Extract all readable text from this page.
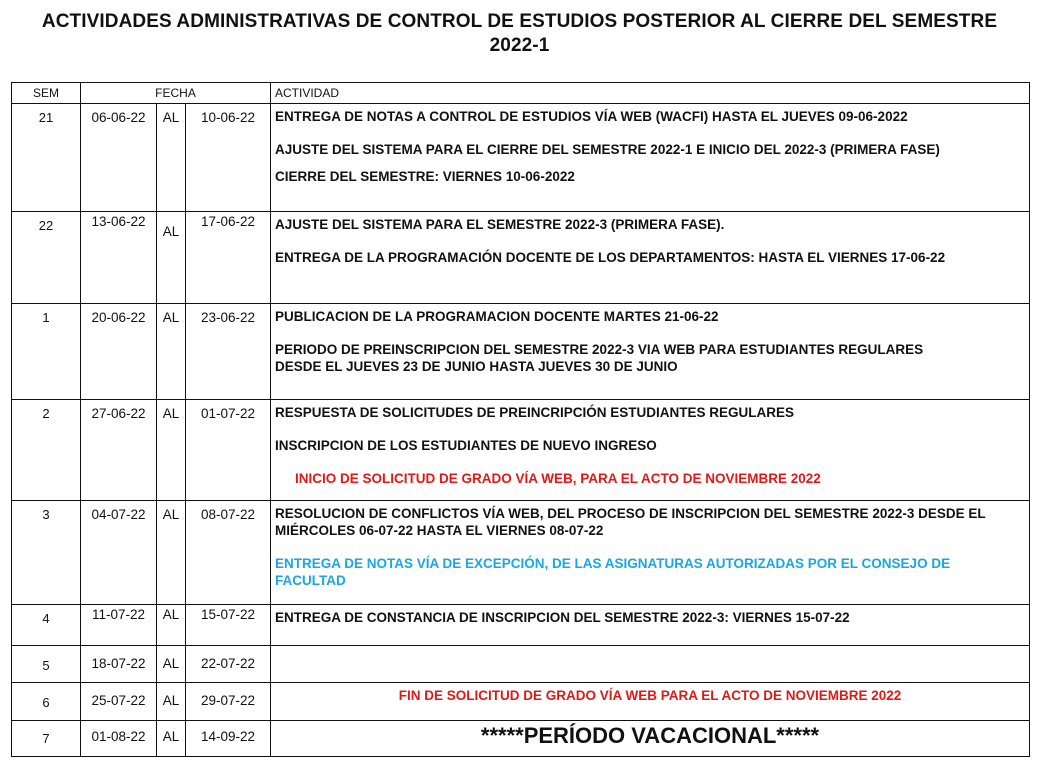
ACTIVIDADES ADMINISTRATIVAS DE CONTROL DE ESTUDIOS POSTERIOR AL CIERRE DEL SEMESTRE
2022-1
SEM	FECHA			ACTIVIDAD
21	06-06-22	AL	10-06-22	ENTREGA DE NOTAS A CONTROL DE ESTUDIOS VÍA WEB (WACFI) HASTA EL JUEVES 09-06-2022

AJUSTE DEL SISTEMA PARA EL CIERRE DEL SEMESTRE 2022-1 E INICIO DEL 2022-3 (PRIMERA FASE)

CIERRE DEL SEMESTRE: VIERNES 10-06-2022

22	13-06-22	AL	17-06-22	AJUSTE DEL SISTEMA PARA EL SEMESTRE 2022-3 (PRIMERA FASE).

ENTREGA DE LA PROGRAMACIÓN DOCENTE DE LOS DEPARTAMENTOS: HASTA EL VIERNES 17-06-22

1	20-06-22	AL	23-06-22	PUBLICACION DE LA PROGRAMACION DOCENTE MARTES 21-06-22

PERIODO DE PREINSCRIPCION DEL SEMESTRE 2022-3 VIA WEB PARA ESTUDIANTES REGULARES DESDE EL JUEVES 23 DE JUNIO HASTA JUEVES 30 DE JUNIO

2	27-06-22	AL	01-07-22	RESPUESTA DE SOLICITUDES DE PREINCRIPCIÓN ESTUDIANTES REGULARES

INSCRIPCION DE LOS ESTUDIANTES DE NUEVO INGRESO

INICIO DE SOLICITUD DE GRADO VÍA WEB, PARA EL ACTO DE NOVIEMBRE 2022

3	04-07-22	AL	08-07-22	RESOLUCION DE CONFLICTOS VÍA WEB, DEL PROCESO DE INSCRIPCION DEL SEMESTRE 2022-3 DESDE EL MIÉRCOLES 06-07-22 HASTA EL VIERNES 08-07-22

ENTREGA DE NOTAS VÍA DE EXCEPCIÓN, DE LAS ASIGNATURAS AUTORIZADAS POR EL CONSEJO DE FACULTAD

4	11-07-22	AL	15-07-22	ENTREGA DE CONSTANCIA DE INSCRIPCION DEL SEMESTRE 2022-3: VIERNES 15-07-22

5	18-07-22	AL	22-07-22	
6	25-07-22	AL	29-07-22	FIN DE SOLICITUD DE GRADO VÍA WEB PARA EL ACTO DE NOVIEMBRE 2022

7	01-08-22	AL	14-09-22	*****PERÍODO VACACIONAL*****
